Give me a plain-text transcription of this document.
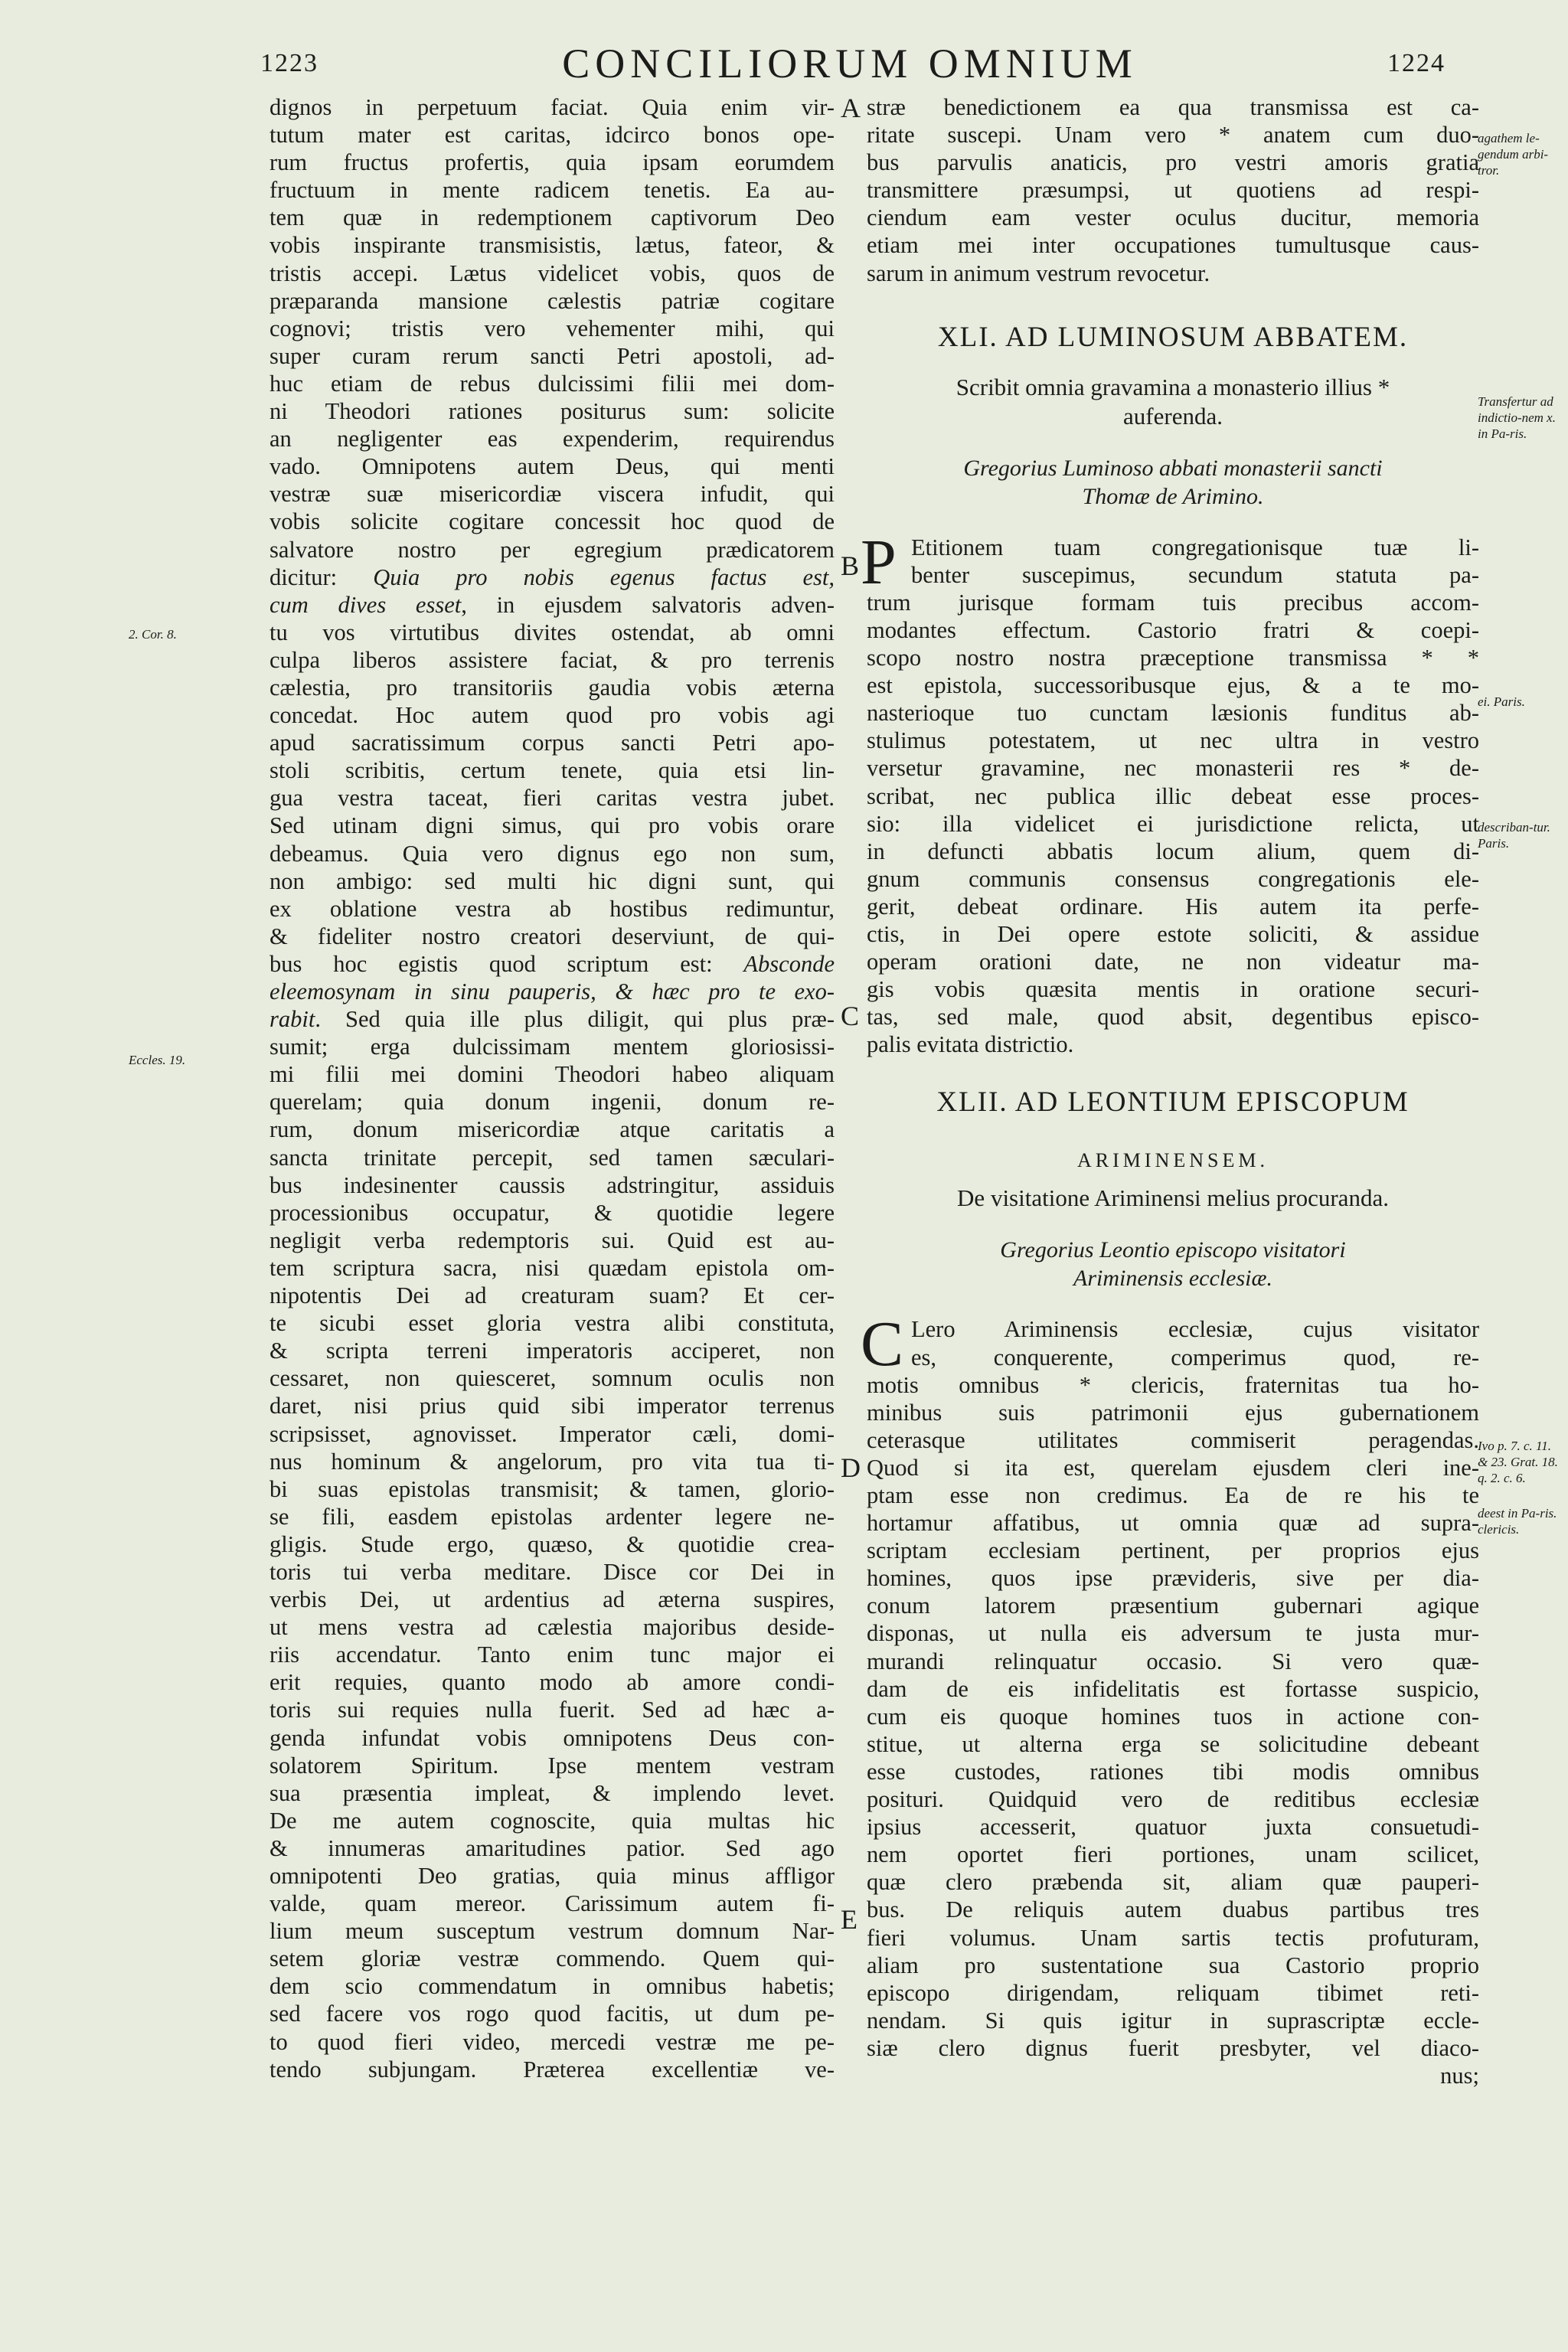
1223	CONCILIORUM OMNIUM	1224
A
B
C
D
E
2. Cor. 8.
Eccles. 19.
agathem le-gendum arbi-tror.
Transfertur ad indictio-nem x. in Pa-ris.
ei. Paris.
describan-tur. Paris.
Ivo p. 7. c. 11. & 23. Grat. 18. q. 2. c. 6.
deest in Pa-ris. clericis.
dignos in perpetuum faciat. Quia enim vir-
tutum mater est caritas, idcirco bonos ope-
rum fructus profertis, quia ipsam eorumdem
fructuum in mente radicem tenetis. Ea au-
tem quæ in redemptionem captivorum Deo
vobis inspirante transmisistis, lætus, fateor, &
tristis accepi. Lætus videlicet vobis, quos de
præparanda mansione cælestis patriæ cogitare
cognovi; tristis vero vehementer mihi, qui
super curam rerum sancti Petri apostoli, ad-
huc etiam de rebus dulcissimi filii mei dom-
ni Theodori rationes positurus sum: solicite
an negligenter eas expenderim, requirendus
vado. Omnipotens autem Deus, qui menti
vestræ suæ misericordiæ viscera infudit, qui
vobis solicite cogitare concessit hoc quod de
salvatore nostro per egregium prædicatorem
dicitur: Quia pro nobis egenus factus est,
cum dives esset, in ejusdem salvatoris adven-
tu vos virtutibus divites ostendat, ab omni
culpa liberos assistere faciat, & pro terrenis
cælestia, pro transitoriis gaudia vobis æterna
concedat. Hoc autem quod pro vobis agi
apud sacratissimum corpus sancti Petri apo-
stoli scribitis, certum tenete, quia etsi lin-
gua vestra taceat, fieri caritas vestra jubet.
Sed utinam digni simus, qui pro vobis orare
debeamus. Quia vero dignus ego non sum,
non ambigo: sed multi hic digni sunt, qui
ex oblatione vestra ab hostibus redimuntur,
& fideliter nostro creatori deserviunt, de qui-
bus hoc egistis quod scriptum est: Absconde
eleemosynam in sinu pauperis, & hæc pro te exo-
rabit. Sed quia ille plus diligit, qui plus præ-
sumit; erga dulcissimam mentem gloriosissi-
mi filii mei domini Theodori habeo aliquam
querelam; quia donum ingenii, donum re-
rum, donum misericordiæ atque caritatis a
sancta trinitate percepit, sed tamen sæculari-
bus indesinenter caussis adstringitur, assiduis
processionibus occupatur, & quotidie legere
negligit verba redemptoris sui. Quid est au-
tem scriptura sacra, nisi quædam epistola om-
nipotentis Dei ad creaturam suam? Et cer-
te sicubi esset gloria vestra alibi constituta,
& scripta terreni imperatoris acciperet, non
cessaret, non quiesceret, somnum oculis non
daret, nisi prius quid sibi imperator terrenus
scripsisset, agnovisset. Imperator cæli, domi-
nus hominum & angelorum, pro vita tua ti-
bi suas epistolas transmisit; & tamen, glorio-
se fili, easdem epistolas ardenter legere ne-
gligis. Stude ergo, quæso, & quotidie crea-
toris tui verba meditare. Disce cor Dei in
verbis Dei, ut ardentius ad æterna suspires,
ut mens vestra ad cælestia majoribus deside-
riis accendatur. Tanto enim tunc major ei
erit requies, quanto modo ab amore condi-
toris sui requies nulla fuerit. Sed ad hæc a-
genda infundat vobis omnipotens Deus con-
solatorem Spiritum. Ipse mentem vestram
sua præsentia impleat, & implendo levet.
De me autem cognoscite, quia multas hic
& innumeras amaritudines patior. Sed ago
omnipotenti Deo gratias, quia minus affligor
valde, quam mereor. Carissimum autem fi-
lium meum susceptum vestrum domnum Nar-
setem gloriæ vestræ commendo. Quem qui-
dem scio commendatum in omnibus habetis;
sed facere vos rogo quod facitis, ut dum pe-
to quod fieri video, mercedi vestræ me pe-
tendo subjungam. Præterea excellentiæ ve-
stræ benedictionem ea qua transmissa est ca-
ritate suscepi. Unam vero * anatem cum duo-
bus parvulis anaticis, pro vestri amoris gratia
transmittere præsumpsi, ut quotiens ad respi-
ciendum eam vester oculus ducitur, memoria
etiam mei inter occupationes tumultusque caus-
sarum in animum vestrum revocetur.
XLI. AD LUMINOSUM ABBATEM.
Scribit omnia gravamina a monasterio illius *
auferenda.
Gregorius Luminoso abbati monasterii sancti
Thomæ de Arimino.
P Etitionem tuam congregationisque tuæ li-
benter suscepimus, secundum statuta pa-
trum jurisque formam tuis precibus accom-
modantes effectum. Castorio fratri & coepi-
scopo nostro nostra præceptione transmissa * *
est epistola, successoribusque ejus, & a te mo-
nasterioque tuo cunctam læsionis funditus ab-
stulimus potestatem, ut nec ultra in vestro
versetur gravamine, nec monasterii res * de-
scribat, nec publica illic debeat esse proces-
sio: illa videlicet ei jurisdictione relicta, ut
in defuncti abbatis locum alium, quem di-
gnum communis consensus congregationis ele-
gerit, debeat ordinare. His autem ita perfe-
ctis, in Dei opere estote soliciti, & assidue
operam orationi date, ne non videatur ma-
gis vobis quæsita mentis in oratione securi-
tas, sed male, quod absit, degentibus episco-
palis evitata districtio.
XLII. AD LEONTIUM EPISCOPUM
ARIMINENSEM.
De visitatione Ariminensi melius procuranda.
Gregorius Leontio episcopo visitatori
Ariminensis ecclesiæ.
C Lero Ariminensis ecclesiæ, cujus visitator
es, conquerente, comperimus quod, re-
motis omnibus * clericis, fraternitas tua ho-
minibus suis patrimonii ejus gubernationem
ceterasque utilitates commiserit peragendas.
Quod si ita est, querelam ejusdem cleri ine-
ptam esse non credimus. Ea de re his te
hortamur affatibus, ut omnia quæ ad supra-
scriptam ecclesiam pertinent, per proprios ejus
homines, quos ipse prævideris, sive per dia-
conum latorem præsentium gubernari agique
disponas, ut nulla eis adversum te justa mur-
murandi relinquatur occasio. Si vero quæ-
dam de eis infidelitatis est fortasse suspicio,
cum eis quoque homines tuos in actione con-
stitue, ut alterna erga se solicitudine debeant
esse custodes, rationes tibi modis omnibus
posituri. Quidquid vero de reditibus ecclesiæ
ipsius accesserit, quatuor juxta consuetudi-
nem oportet fieri portiones, unam scilicet,
quæ clero præbenda sit, aliam quæ pauperi-
bus. De reliquis autem duabus partibus tres
fieri volumus. Unam sartis tectis profuturam,
aliam pro sustentatione sua Castorio proprio
episcopo dirigendam, reliquam tibimet reti-
nendam. Si quis igitur in suprascriptæ eccle-
siæ clero dignus fuerit presbyter, vel diaco-
nus;
